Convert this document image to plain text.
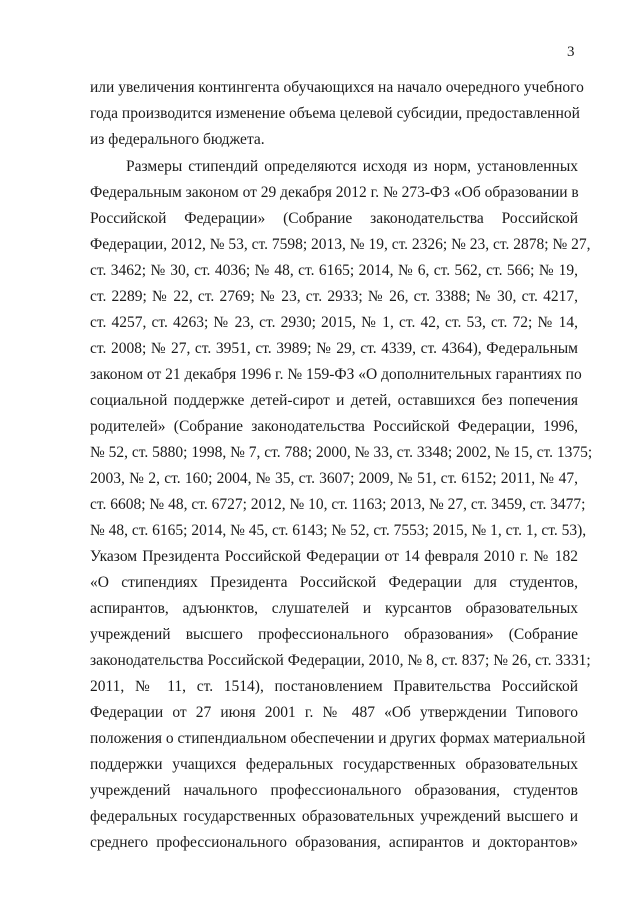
3
или увеличения контингента обучающихся на начало очередного учебного
года производится изменение объема целевой субсидии, предоставленной
из федерального бюджета.
Размеры стипендий определяются исходя из норм, установленных
Федеральным законом от 29 декабря 2012 г. № 273-ФЗ «Об образовании в
Российской Федерации» (Собрание законодательства Российской
Федерации, 2012, № 53, ст. 7598; 2013, № 19, ст. 2326; № 23, ст. 2878; № 27,
ст. 3462; № 30, ст. 4036; № 48, ст. 6165; 2014, № 6, ст. 562, ст. 566; № 19,
ст. 2289; № 22, ст. 2769; № 23, ст. 2933; № 26, ст. 3388; № 30, ст. 4217,
ст. 4257, ст. 4263; № 23, ст. 2930; 2015, № 1, ст. 42, ст. 53, ст. 72; № 14,
ст. 2008; № 27, ст. 3951, ст. 3989; № 29, ст. 4339, ст. 4364), Федеральным
законом от 21 декабря 1996 г. № 159-ФЗ «О дополнительных гарантиях по
социальной поддержке детей-сирот и детей, оставшихся без попечения
родителей» (Собрание законодательства Российской Федерации, 1996,
№ 52, ст. 5880; 1998, № 7, ст. 788; 2000, № 33, ст. 3348; 2002, № 15, ст. 1375;
2003, № 2, ст. 160; 2004, № 35, ст. 3607; 2009, № 51, ст. 6152; 2011, № 47,
ст. 6608; № 48, ст. 6727; 2012, № 10, ст. 1163; 2013, № 27, ст. 3459, ст. 3477;
№ 48, ст. 6165; 2014, № 45, ст. 6143; № 52, ст. 7553; 2015, № 1, ст. 1, ст. 53),
Указом Президента Российской Федерации от 14 февраля 2010 г. № 182
«О стипендиях Президента Российской Федерации для студентов,
аспирантов, адъюнктов, слушателей и курсантов образовательных
учреждений высшего профессионального образования» (Собрание
законодательства Российской Федерации, 2010, № 8, ст. 837; № 26, ст. 3331;
2011, № 11, ст. 1514), постановлением Правительства Российской
Федерации от 27 июня 2001 г. № 487 «Об утверждении Типового
положения о стипендиальном обеспечении и других формах материальной
поддержки учащихся федеральных государственных образовательных
учреждений начального профессионального образования, студентов
федеральных государственных образовательных учреждений высшего и
среднего профессионального образования, аспирантов и докторантов»
